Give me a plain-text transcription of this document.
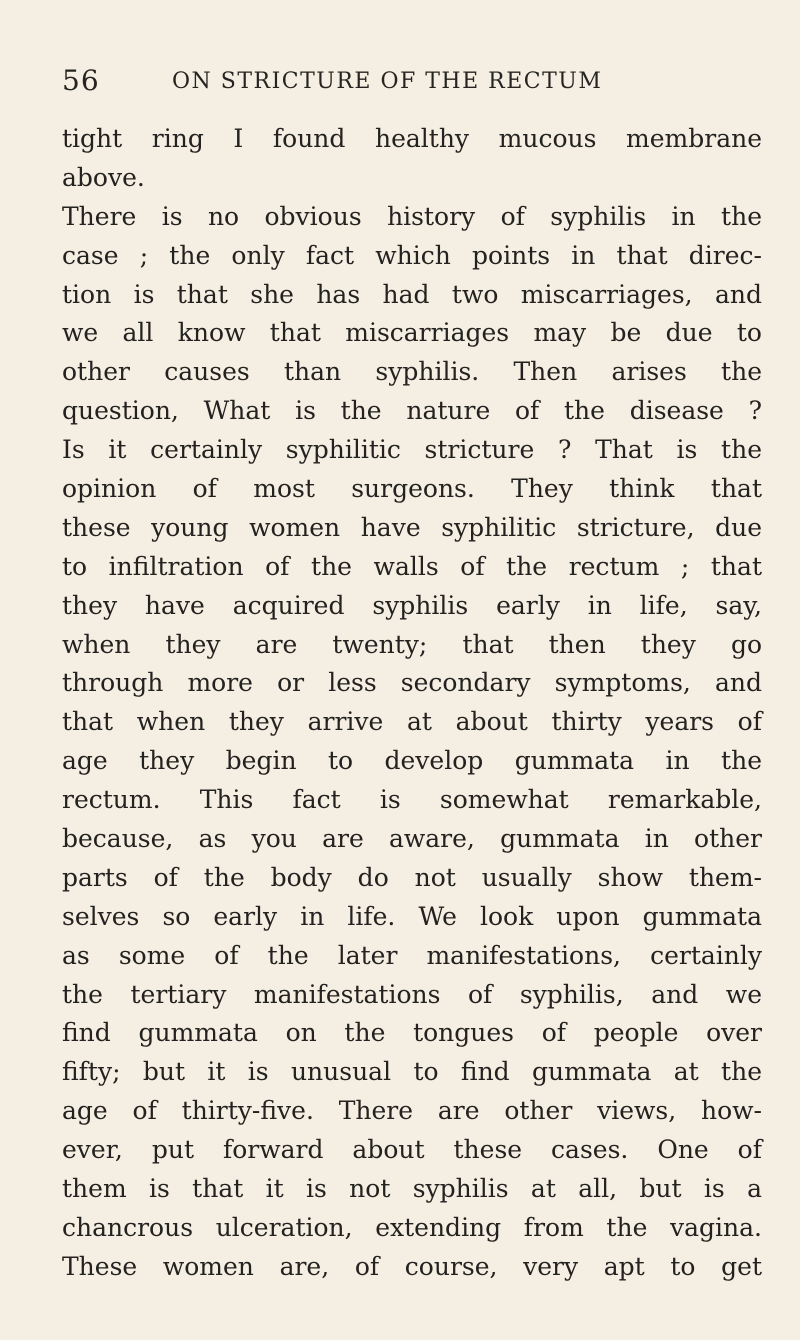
56	ON STRICTURE OF THE RECTUM
tight ring I found healthy mucous membrane
above.
There is no obvious history of syphilis in the
case ; the only fact which points in that direc-
tion is that she has had two miscarriages, and
we all know that miscarriages may be due to
other causes than syphilis. Then arises the
question, What is the nature of the disease ?
Is it certainly syphilitic stricture ? That is the
opinion of most surgeons. They think that
these young women have syphilitic stricture, due
to infiltration of the walls of the rectum ; that
they have acquired syphilis early in life, say,
when they are twenty; that then they go
through more or less secondary symptoms, and
that when they arrive at about thirty years of
age they begin to develop gummata in the
rectum. This fact is somewhat remarkable,
because, as you are aware, gummata in other
parts of the body do not usually show them-
selves so early in life. We look upon gummata
as some of the later manifestations, certainly
the tertiary manifestations of syphilis, and we
find gummata on the tongues of people over
fifty; but it is unusual to find gummata at the
age of thirty-five. There are other views, how-
ever, put forward about these cases. One of
them is that it is not syphilis at all, but is a
chancrous ulceration, extending from the vagina.
These women are, of course, very apt to get
